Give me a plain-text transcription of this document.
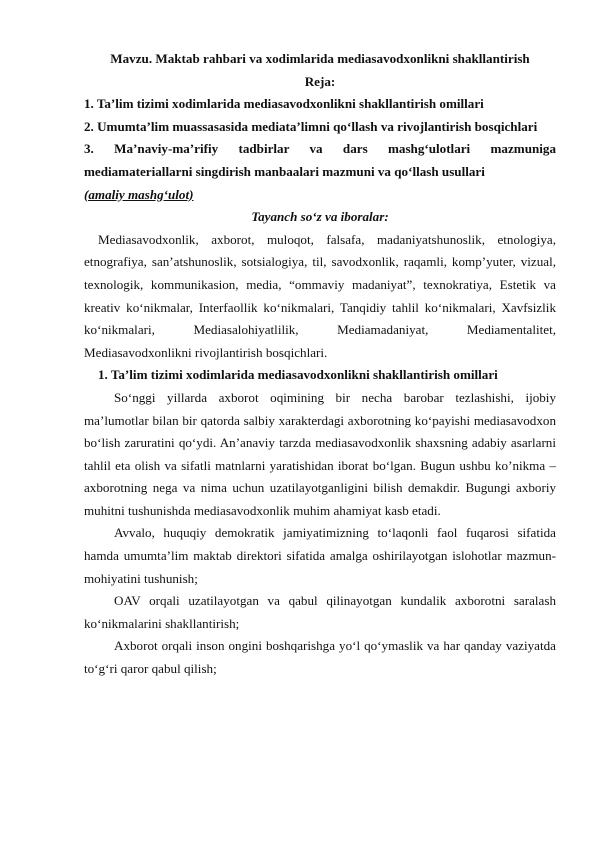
Mavzu. Maktab rahbari va xodimlarida mediasavodxonlikni shakllantirish

Reja:

1. Ta’lim tizimi xodimlarida mediasavodxonlikni shakllantirish omillari

2. Umumta’lim muassasasida mediata’limni qo‘llash va rivojlantirish bosqichlari

3. Ma’naviy-ma’rifiy tadbirlar va dars mashg‘ulotlari mazmuniga mediamateriallarni singdirish manbaalari mazmuni va qo‘llash usullari

(amaliy mashg‘ulot)

Tayanch so‘z va iboralar:

Mediasavodxonlik, axborot, muloqot, falsafa, madaniyatshunoslik, etnologiya, etnografiya, san’atshunoslik, sotsialogiya, til, savodxonlik, raqamli, komp’yuter, vizual, texnologik, kommunikasion, media, “ommaviy madaniyat”, texnokratiya, Estetik va kreativ ko‘nikmalar, Interfaollik ko‘nikmalari, Tanqidiy tahlil ko‘nikmalari, Xavfsizlik ko‘nikmalari, Mediasalohiyatlilik, Mediamadaniyat, Mediamentalitet, Mediasavodxonlikni rivojlantirish bosqichlari.

1. Ta’lim tizimi xodimlarida mediasavodxonlikni shakllantirish omillari

So‘nggi yillarda axborot oqimining bir necha barobar tezlashishi, ijobiy ma’lumotlar bilan bir qatorda salbiy xarakterdagi axborotning ko‘payishi mediasavodxon bo‘lish zaruratini qo‘ydi. An’anaviy tarzda mediasavodxonlik shaxsning adabiy asarlarni tahlil eta olish va sifatli matnlarni yaratishidan iborat bo‘lgan. Bugun ushbu ko’nikma – axborotning nega va nima uchun uzatilayotganligini bilish demakdir. Bugungi axboriy muhitni tushunishda mediasavodxonlik muhim ahamiyat kasb etadi.

Avvalo, huquqiy demokratik jamiyatimizning to‘laqonli faol fuqarosi sifatida hamda umumta’lim maktab direktori sifatida amalga oshirilayotgan islohotlar mazmun-mohiyatini tushunish;

OAV orqali uzatilayotgan va qabul qilinayotgan kundalik axborotni saralash ko‘nikmalarini shakllantirish;

Axborot orqali inson ongini boshqarishga yo‘l qo‘ymaslik va har qanday vaziyatda to‘g‘ri qaror qabul qilish;
